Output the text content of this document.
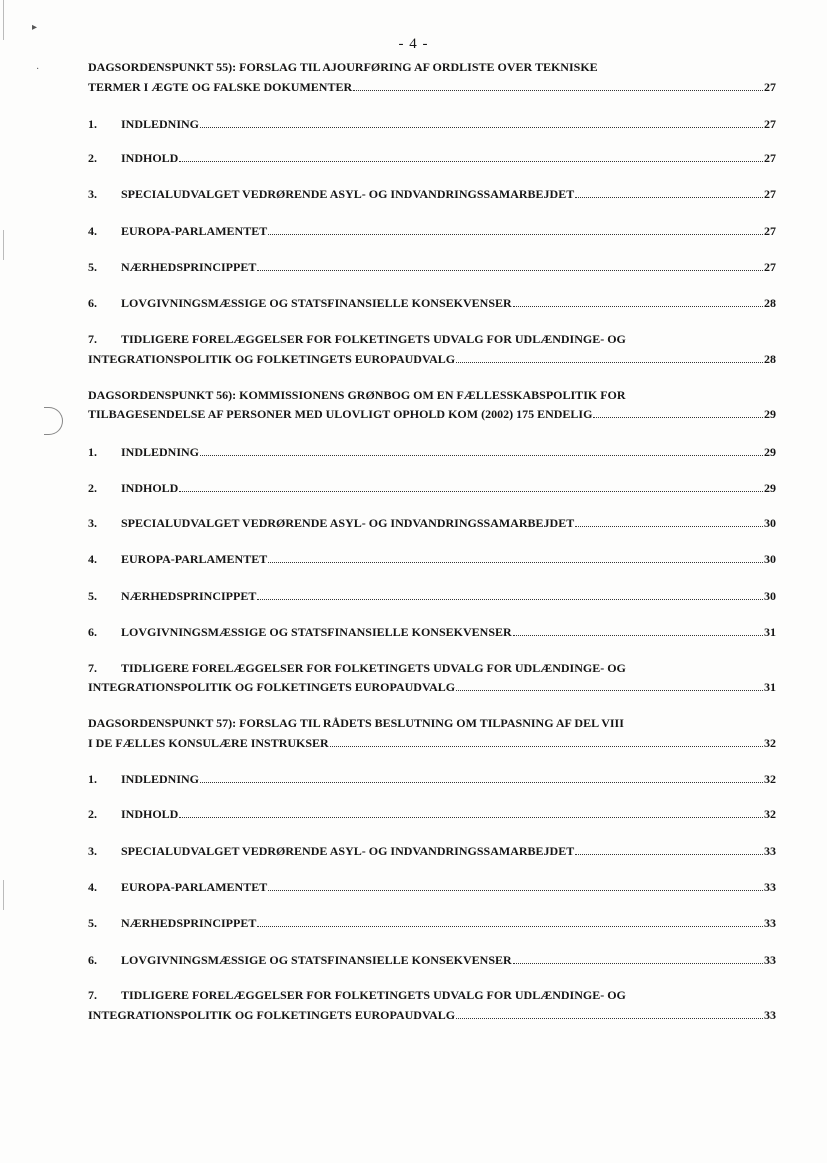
▸
·
- 4 -
DAGSORDENSPUNKT 55): FORSLAG TIL AJOURFØRING AF ORDLISTE OVER TEKNISKE
TERMER I ÆGTE OG FALSKE DOKUMENTER	27
1.	INDLEDNING	27
2.	INDHOLD	27
3.	SPECIALUDVALGET VEDRØRENDE ASYL- OG INDVANDRINGSSAMARBEJDET	27
4.	EUROPA-PARLAMENTET	27
5.	NÆRHEDSPRINCIPPET	27
6.	LOVGIVNINGSMÆSSIGE OG STATSFINANSIELLE KONSEKVENSER	28
7.	TIDLIGERE FORELÆGGELSER FOR FOLKETINGETS UDVALG FOR UDLÆNDINGE- OG
INTEGRATIONSPOLITIK OG FOLKETINGETS EUROPAUDVALG	28
DAGSORDENSPUNKT 56): KOMMISSIONENS GRØNBOG OM EN FÆLLESSKABSPOLITIK FOR
TILBAGESENDELSE AF PERSONER MED ULOVLIGT OPHOLD KOM (2002) 175 ENDELIG	29
1.	INDLEDNING	29
2.	INDHOLD	29
3.	SPECIALUDVALGET VEDRØRENDE ASYL- OG INDVANDRINGSSAMARBEJDET	30
4.	EUROPA-PARLAMENTET	30
5.	NÆRHEDSPRINCIPPET	30
6.	LOVGIVNINGSMÆSSIGE OG STATSFINANSIELLE KONSEKVENSER	31
7.	TIDLIGERE FORELÆGGELSER FOR FOLKETINGETS UDVALG FOR UDLÆNDINGE- OG
INTEGRATIONSPOLITIK OG FOLKETINGETS EUROPAUDVALG	31
DAGSORDENSPUNKT 57): FORSLAG TIL RÅDETS BESLUTNING OM TILPASNING AF DEL VIII
I DE FÆLLES KONSULÆRE INSTRUKSER	32
1.	INDLEDNING	32
2.	INDHOLD	32
3.	SPECIALUDVALGET VEDRØRENDE ASYL- OG INDVANDRINGSSAMARBEJDET	33
4.	EUROPA-PARLAMENTET	33
5.	NÆRHEDSPRINCIPPET	33
6.	LOVGIVNINGSMÆSSIGE OG STATSFINANSIELLE KONSEKVENSER	33
7.	TIDLIGERE FORELÆGGELSER FOR FOLKETINGETS UDVALG FOR UDLÆNDINGE- OG
INTEGRATIONSPOLITIK OG FOLKETINGETS EUROPAUDVALG	33
